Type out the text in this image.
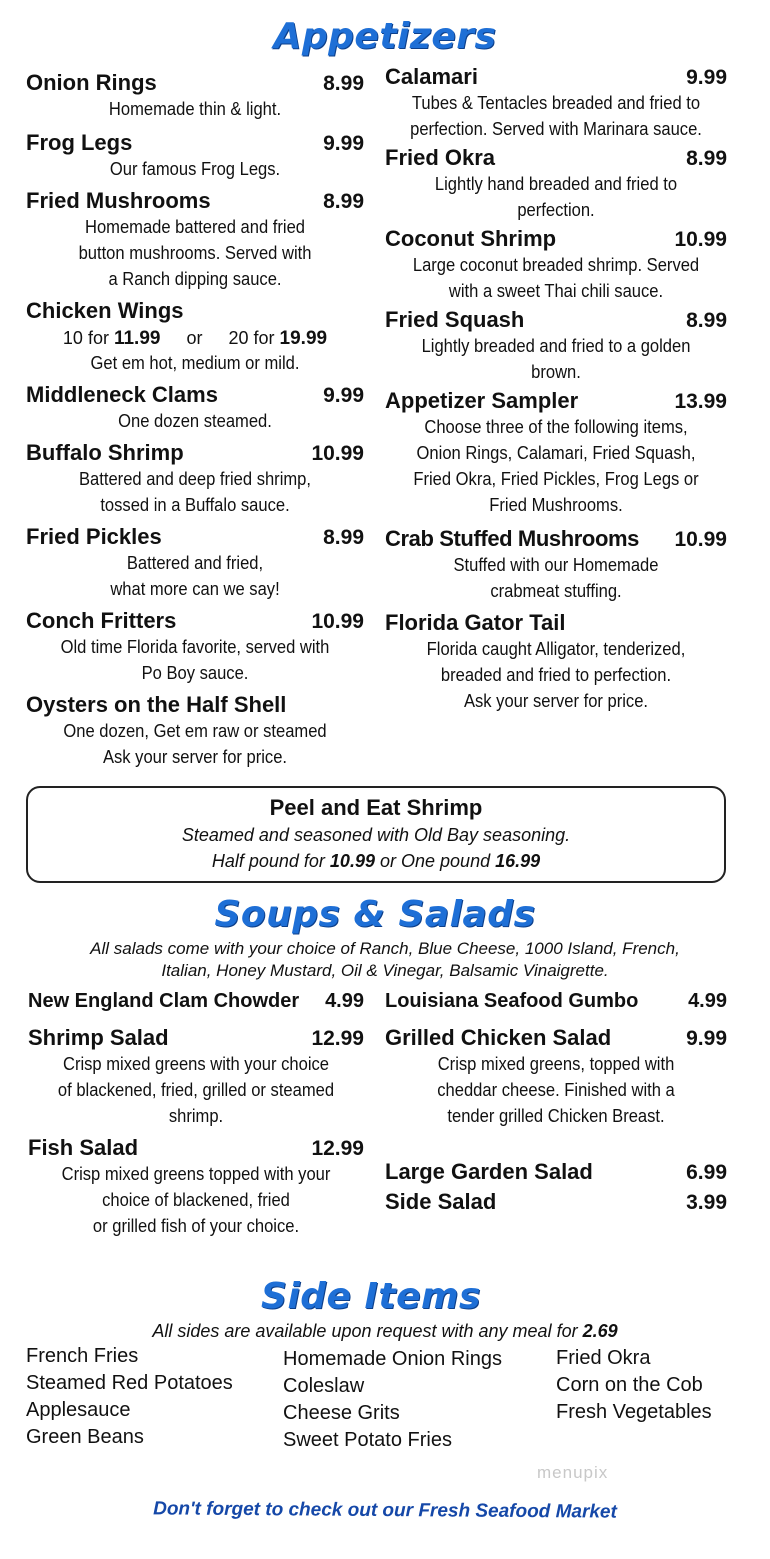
Appetizers
Onion Rings	8.99
Homemade thin & light.
Frog Legs	9.99
Our famous Frog Legs.
Fried Mushrooms	8.99
Homemade battered and fried
button mushrooms. Served with
a Ranch dipping sauce.
Chicken Wings
10 for 11.99 or 20 for 19.99
Get em hot, medium or mild.
Middleneck Clams	9.99
One dozen steamed.
Buffalo Shrimp	10.99
Battered and deep fried shrimp,
tossed in a Buffalo sauce.
Fried Pickles	8.99
Battered and fried,
what more can we say!
Conch Fritters	10.99
Old time Florida favorite, served with
Po Boy sauce.
Oysters on the Half Shell
One dozen, Get em raw or steamed
Ask your server for price.
Calamari	9.99
Tubes & Tentacles breaded and fried to
perfection. Served with Marinara sauce.
Fried Okra	8.99
Lightly hand breaded and fried to
perfection.
Coconut Shrimp	10.99
Large coconut breaded shrimp. Served
with a sweet Thai chili sauce.
Fried Squash	8.99
Lightly breaded and fried to a golden
brown.
Appetizer Sampler	13.99
Choose three of the following items,
Onion Rings, Calamari, Fried Squash,
Fried Okra, Fried Pickles, Frog Legs or
Fried Mushrooms.
Crab Stuffed Mushrooms 10.99
Stuffed with our Homemade
crabmeat stuffing.
Florida Gator Tail
Florida caught Alligator, tenderized,
breaded and fried to perfection.
Ask your server for price.
Peel and Eat Shrimp
Steamed and seasoned with Old Bay seasoning.
Half pound for 10.99 or One pound 16.99
Soups & Salads
All salads come with your choice of Ranch, Blue Cheese, 1000 Island, French,
Italian, Honey Mustard, Oil & Vinegar, Balsamic Vinaigrette.
New England Clam Chowder 4.99
Shrimp Salad	12.99
Crisp mixed greens with your choice
of blackened, fried, grilled or steamed
shrimp.
Fish Salad	12.99
Crisp mixed greens topped with your
choice of blackened, fried
or grilled fish of your choice.
Louisiana Seafood Gumbo 4.99
Grilled Chicken Salad	9.99
Crisp mixed greens, topped with
cheddar cheese. Finished with a
tender grilled Chicken Breast.
Large Garden Salad	6.99
Side Salad	3.99
Side Items
All sides are available upon request with any meal for 2.69
French Fries
Steamed Red Potatoes
Applesauce
Green Beans
Homemade Onion Rings
Coleslaw
Cheese Grits
Sweet Potato Fries
Fried Okra
Corn on the Cob
Fresh Vegetables
menupix
Don't forget to check out our Fresh Seafood Market
